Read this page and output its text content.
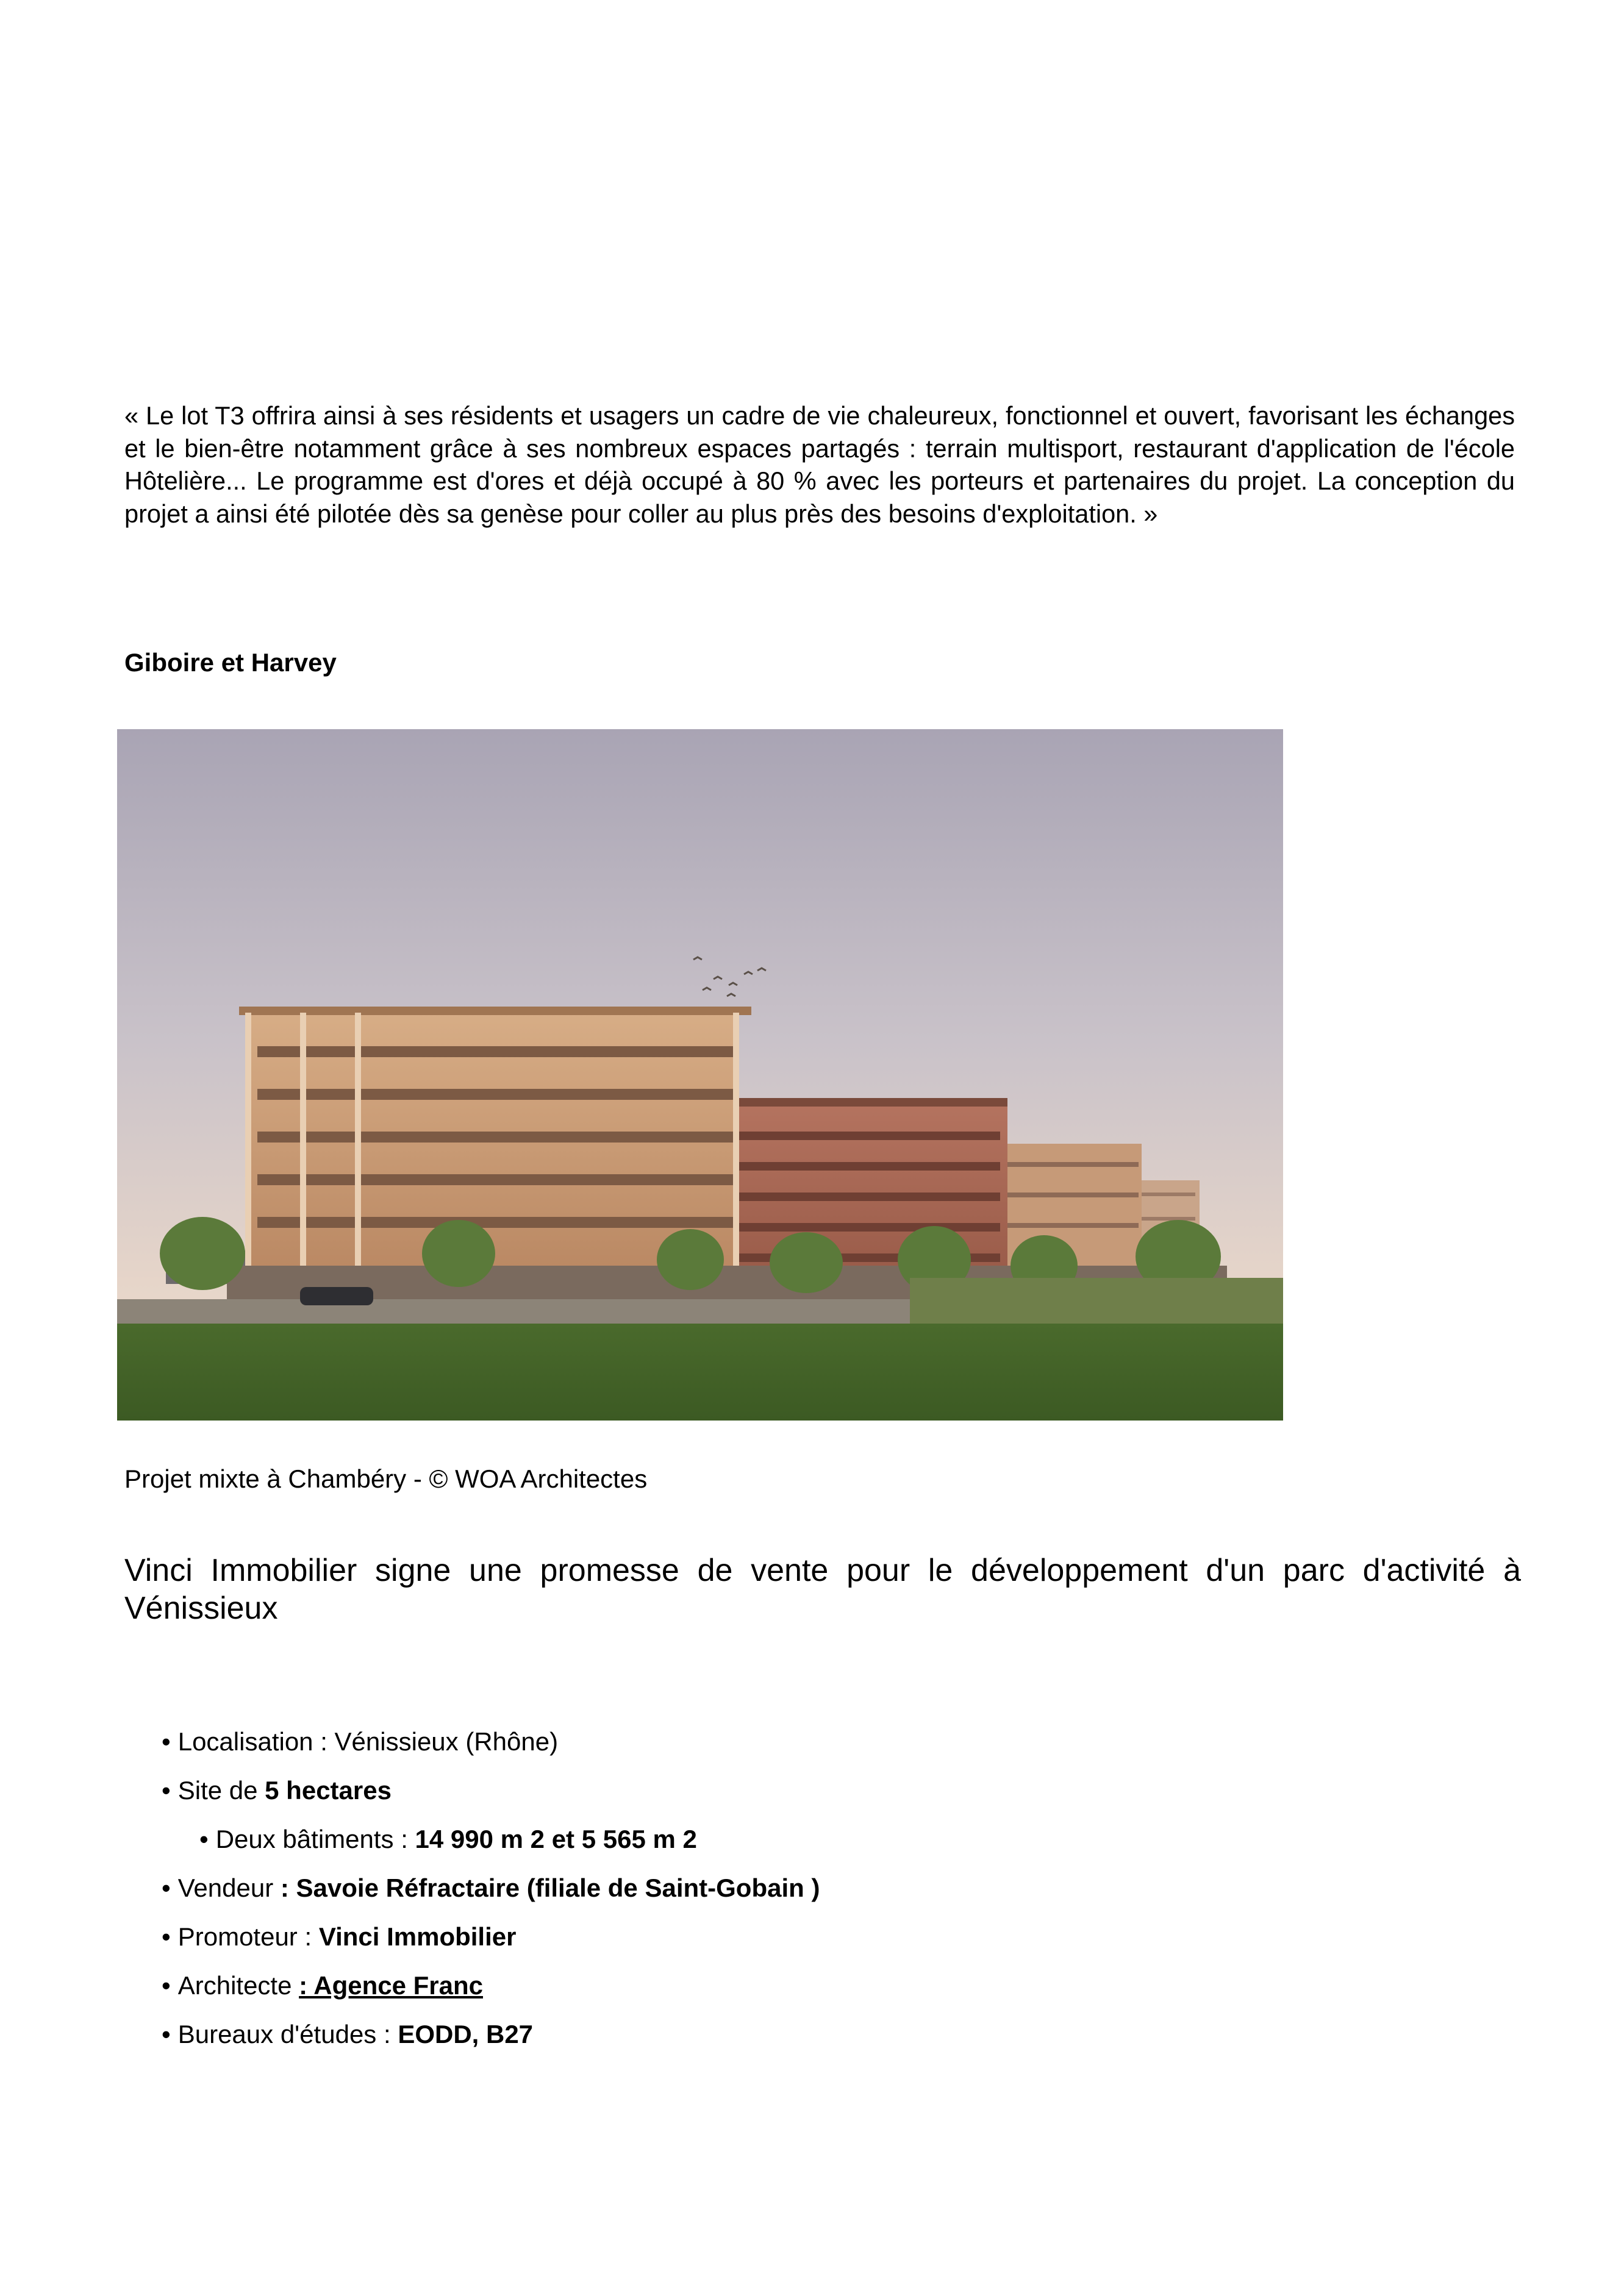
« Le lot T3 offrira ainsi à ses résidents et usagers un cadre de vie chaleureux, fonctionnel et ouvert, favorisant les échanges et le bien-être notamment grâce à ses nombreux espaces partagés : terrain multisport, restaurant d'application de l'école Hôtelière... Le programme est d'ores et déjà occupé à 80 % avec les porteurs et partenaires du projet. La conception du projet a ainsi été pilotée dès sa genèse pour coller au plus près des besoins d'exploitation. »

Giboire et Harvey

Projet mixte à Chambéry - © WOA Architectes

Vinci Immobilier signe une promesse de vente pour le développement d'un parc d'activité à Vénissieux

• Localisation : Vénissieux (Rhône)
• Site de 5 hectares
• Deux bâtiments : 14 990 m 2 et 5 565 m 2
• Vendeur : Savoie Réfractaire (filiale de Saint-Gobain )
• Promoteur : Vinci Immobilier
• Architecte : Agence Franc
• Bureaux d'études : EODD, B27
